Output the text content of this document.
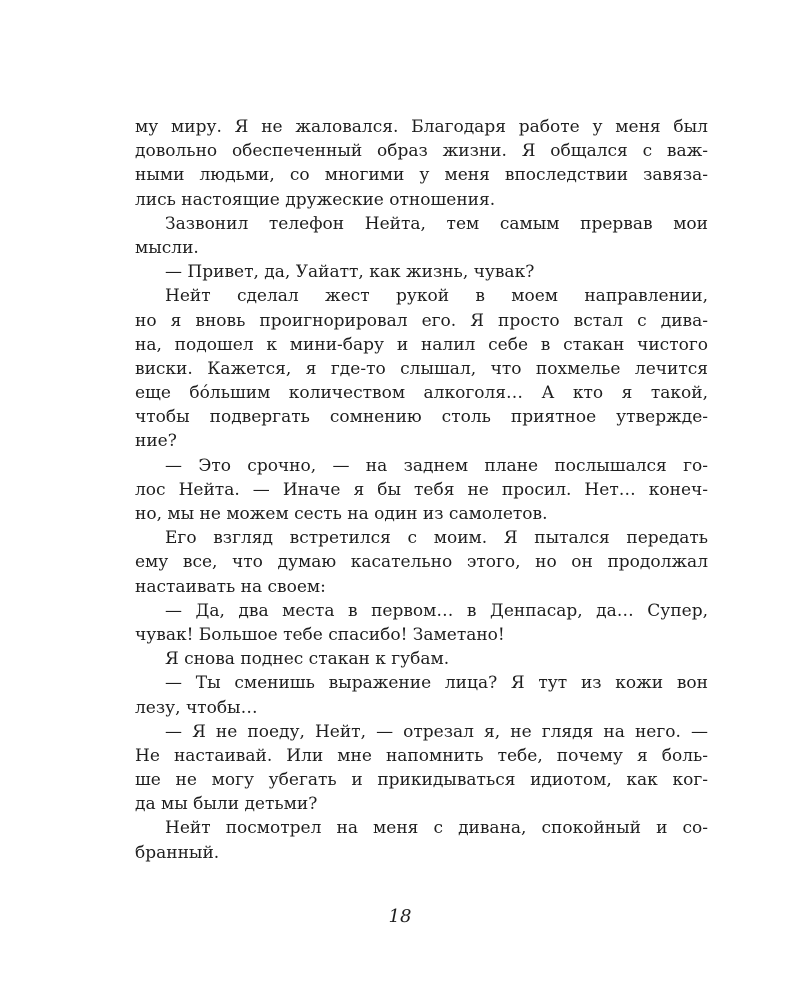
му миру. Я не жаловался. Благодаря работе у меня был
довольно обеспеченный образ жизни. Я общался с важ-
ными людьми, со многими у меня впоследствии завяза-
лись настоящие дружеские отношения.
Зазвонил телефон Нейта, тем самым прервав мои
мысли.
— Привет, да, Уайатт, как жизнь, чувак?
Нейт сделал жест рукой в моем направлении,
но я вновь проигнорировал его. Я просто встал с дива-
на, подошел к мини-бару и налил себе в стакан чистого
виски. Кажется, я где-то слышал, что похмелье лечится
еще бóльшим количеством алкоголя… А кто я такой,
чтобы подвергать сомнению столь приятное утвержде-
ние?
— Это срочно, — на заднем плане послышался го-
лос Нейта. — Иначе я бы тебя не просил. Нет… конеч-
но, мы не можем сесть на один из самолетов.
Его взгляд встретился с моим. Я пытался передать
ему все, что думаю касательно этого, но он продолжал
настаивать на своем:
— Да, два места в первом… в Денпасар, да… Супер,
чувак! Большое тебе спасибо! Заметано!
Я снова поднес стакан к губам.
— Ты сменишь выражение лица? Я тут из кожи вон
лезу, чтобы…
— Я не поеду, Нейт, — отрезал я, не глядя на него. —
Не настаивай. Или мне напомнить тебе, почему я боль-
ше не могу убегать и прикидываться идиотом, как ког-
да мы были детьми?
Нейт посмотрел на меня с дивана, спокойный и со-
бранный.
18
